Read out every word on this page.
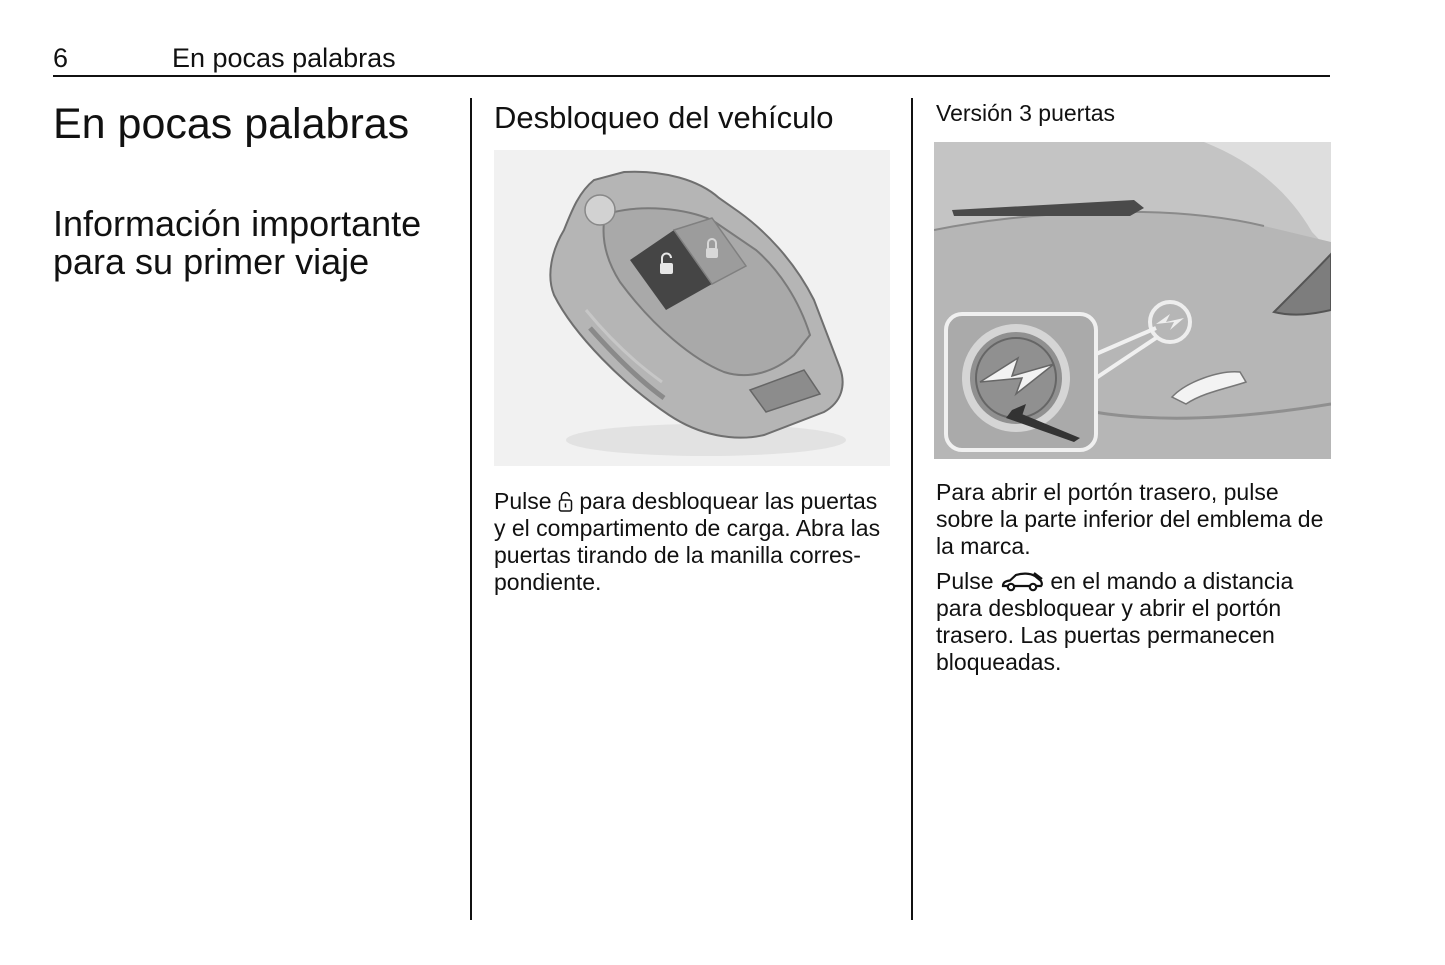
6	En pocas palabras
En pocas palabras
Información importante para su primer viaje
Desbloqueo del vehículo
Pulse
para desbloquear las puertas y el compartimento de carga. Abra las puertas tirando de la manilla corres-pondiente.
Versión 3 puertas
Para abrir el portón trasero, pulse sobre la parte inferior del emblema de la marca.
Pulse
en el mando a distancia para desbloquear y abrir el portón trasero. Las puertas permanecen bloqueadas.
